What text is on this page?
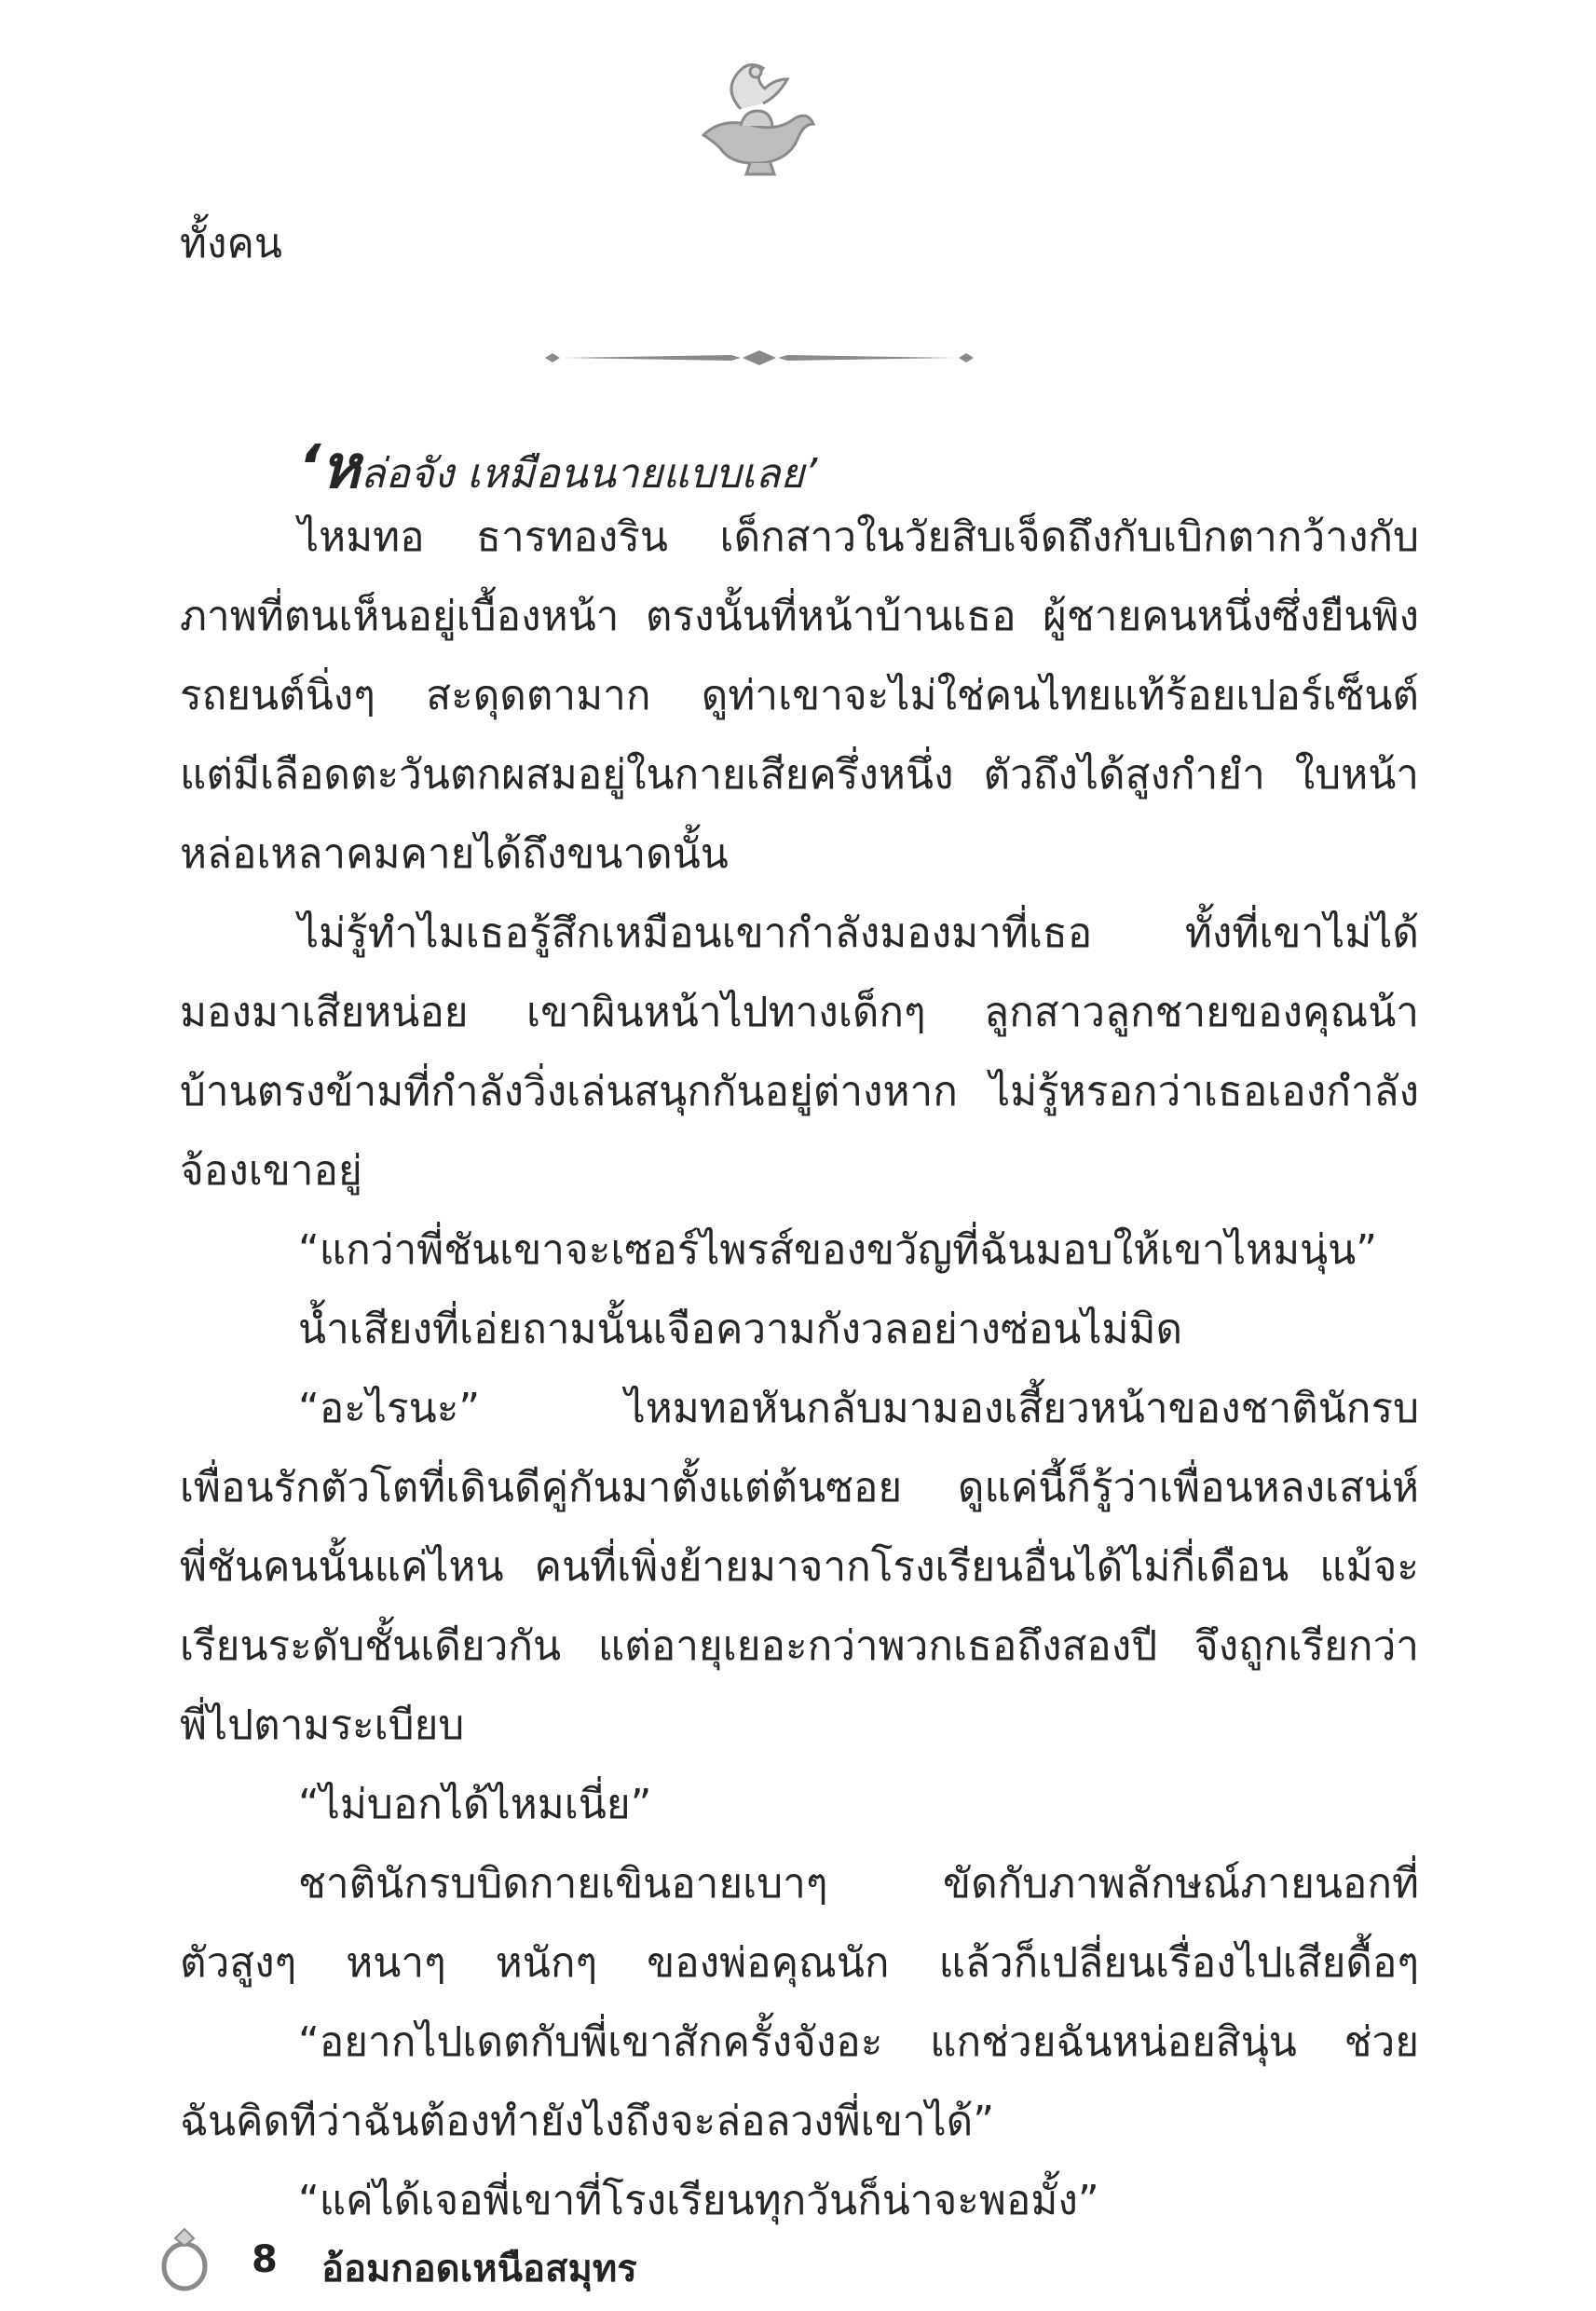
ทั้งคน
‘หล่อจัง เหมือนนายแบบเลย’
ไหมทอ ธารทองริน เด็กสาวในวัยสิบเจ็ดถึงกับเบิกตากว้างกับ
ภาพที่ตนเห็นอยู่เบื้องหน้า ตรงนั้นที่หน้าบ้านเธอ ผู้ชายคนหนึ่งซึ่งยืนพิง
รถยนต์นิ่งๆ สะดุดตามาก ดูท่าเขาจะไม่ใช่คนไทยแท้ร้อยเปอร์เซ็นต์
แต่มีเลือดตะวันตกผสมอยู่ในกายเสียครึ่งหนึ่ง ตัวถึงได้สูงกำยำ ใบหน้า
หล่อเหลาคมคายได้ถึงขนาดนั้น
ไม่รู้ทำไมเธอรู้สึกเหมือนเขากำลังมองมาที่เธอ ทั้งที่เขาไม่ได้
มองมาเสียหน่อย เขาผินหน้าไปทางเด็กๆ ลูกสาวลูกชายของคุณน้า
บ้านตรงข้ามที่กำลังวิ่งเล่นสนุกกันอยู่ต่างหาก ไม่รู้หรอกว่าเธอเองกำลัง
จ้องเขาอยู่
“แกว่าพี่ชันเขาจะเซอร์ไพรส์ของขวัญที่ฉันมอบให้เขาไหมนุ่น”
น้ำเสียงที่เอ่ยถามนั้นเจือความกังวลอย่างซ่อนไม่มิด
“อะไรนะ” ไหมทอหันกลับมามองเสี้ยวหน้าของชาตินักรบ
เพื่อนรักตัวโตที่เดินดีคู่กันมาตั้งแต่ต้นซอย ดูแค่นี้ก็รู้ว่าเพื่อนหลงเสน่ห์
พี่ชันคนนั้นแค่ไหน คนที่เพิ่งย้ายมาจากโรงเรียนอื่นได้ไม่กี่เดือน แม้จะ
เรียนระดับชั้นเดียวกัน แต่อายุเยอะกว่าพวกเธอถึงสองปี จึงถูกเรียกว่า
พี่ไปตามระเบียบ
“ไม่บอกได้ไหมเนี่ย”
ชาตินักรบบิดกายเขินอายเบาๆ ขัดกับภาพลักษณ์ภายนอกที่
ตัวสูงๆ หนาๆ หนักๆ ของพ่อคุณนัก แล้วก็เปลี่ยนเรื่องไปเสียดื้อๆ
“อยากไปเดตกับพี่เขาสักครั้งจังอะ แกช่วยฉันหน่อยสินุ่น ช่วย
ฉันคิดทีว่าฉันต้องทำยังไงถึงจะล่อลวงพี่เขาได้”
“แค่ได้เจอพี่เขาที่โรงเรียนทุกวันก็น่าจะพอมั้ง”
8 อ้อมกอดเหนือสมุทร
